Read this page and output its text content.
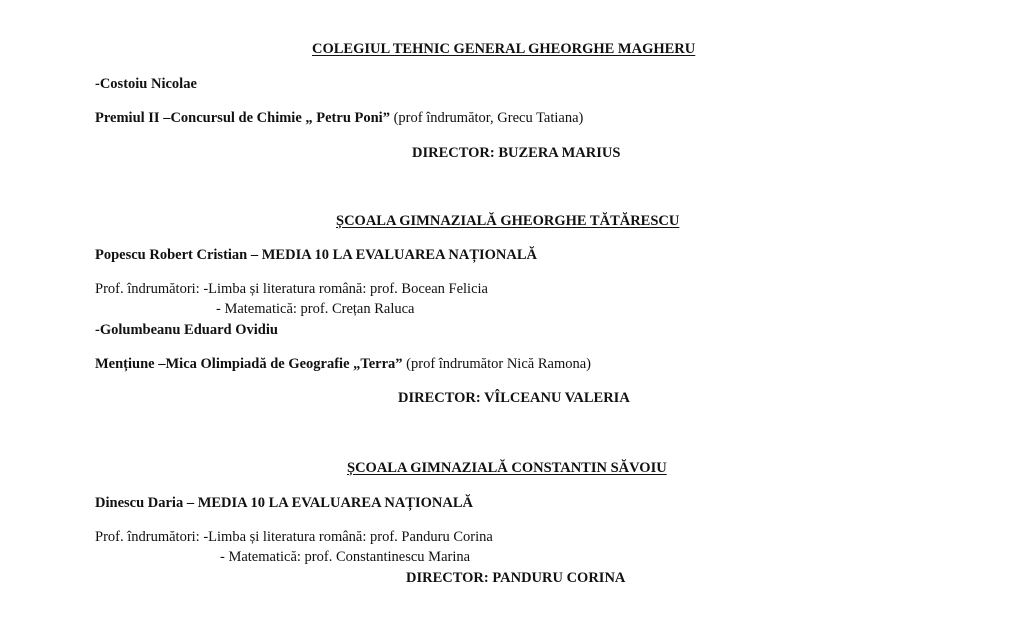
COLEGIUL TEHNIC GENERAL GHEORGHE MAGHERU
-Costoiu Nicolae
Premiul II –Concursul de Chimie „ Petru Poni” (prof îndrumător, Grecu Tatiana)
DIRECTOR: BUZERA MARIUS
ȘCOALA GIMNAZIALĂ GHEORGHE TĂTĂRESCU
Popescu Robert Cristian – MEDIA 10 LA EVALUAREA NAȚIONALĂ
Prof. îndrumători: -Limba și literatura română: prof. Bocean Felicia
- Matematică: prof. Crețan Raluca
-Golumbeanu Eduard Ovidiu
Mențiune –Mica Olimpiadă de Geografie „Terra” (prof îndrumător Nică Ramona)
DIRECTOR: VÎLCEANU VALERIA
ȘCOALA GIMNAZIALĂ CONSTANTIN SĂVOIU
Dinescu Daria – MEDIA 10 LA EVALUAREA NAȚIONALĂ
Prof. îndrumători: -Limba și literatura română: prof. Panduru Corina
- Matematică: prof. Constantinescu Marina
DIRECTOR: PANDURU CORINA
